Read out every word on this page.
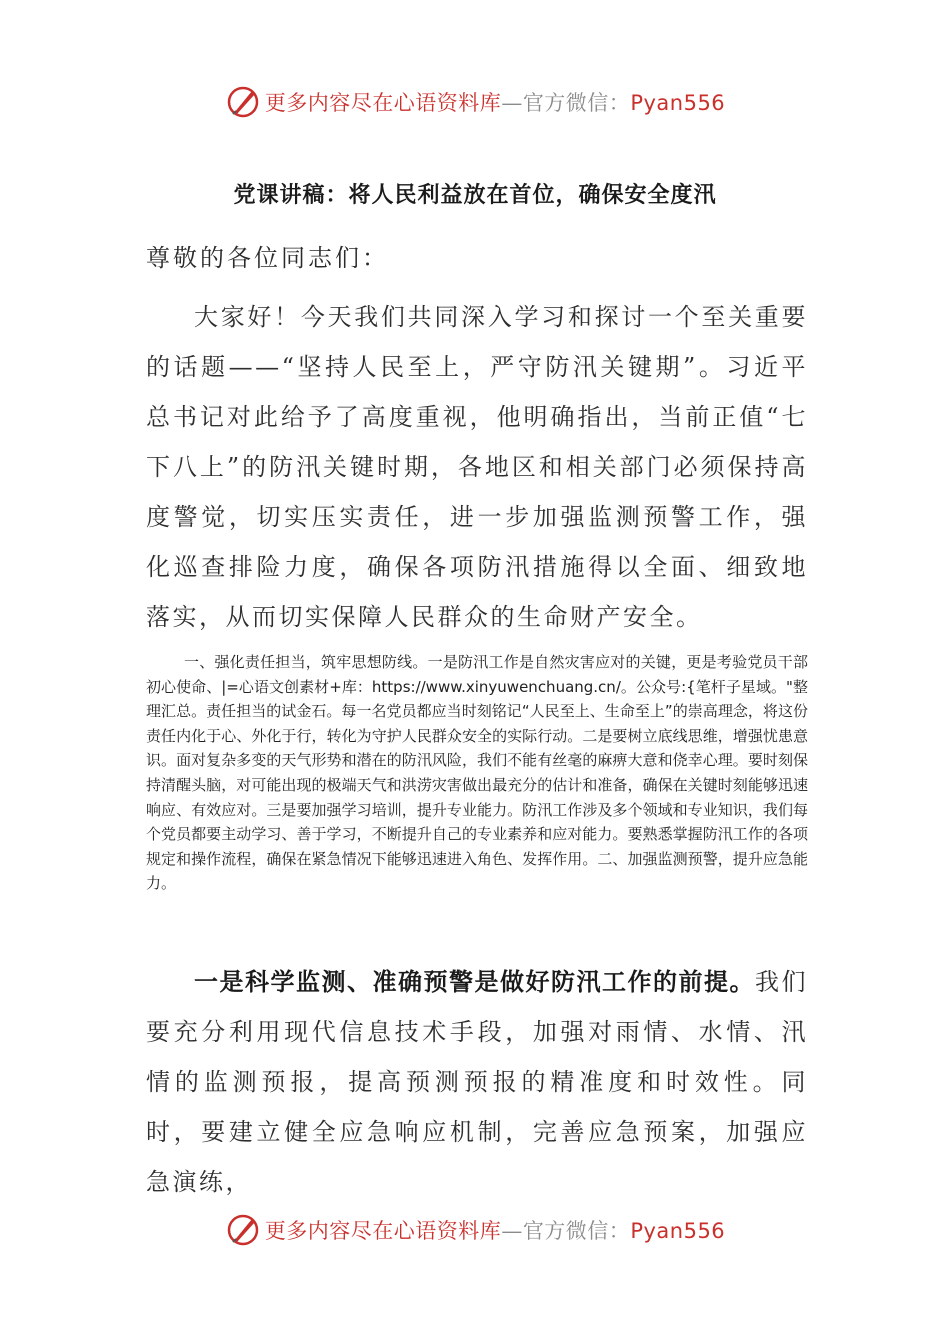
更多内容尽在心语资料库—官方微信：Pyan556
党课讲稿：将人民利益放在首位，确保安全度汛
尊敬的各位同志们：

大家好！今天我们共同深入学习和探讨一个至关重要的话题——“坚持人民至上，严守防汛关键期”。习近平总书记对此给予了高度重视，他明确指出，当前正值“七下八上”的防汛关键时期，各地区和相关部门必须保持高度警觉，切实压实责任，进一步加强监测预警工作，强化巡查排险力度，确保各项防汛措施得以全面、细致地落实，从而切实保障人民群众的生命财产安全。

一、强化责任担当，筑牢思想防线。一是防汛工作是自然灾害应对的关键，更是考验党员干部初心使命、|=心语文创素材+库：https://www.xinyuwenchuang.cn/。公众号:{笔杆子星域。"整理汇总。责任担当的试金石。每一名党员都应当时刻铭记“人民至上、生命至上”的崇高理念，将这份责任内化于心、外化于行，转化为守护人民群众安全的实际行动。二是要树立底线思维，增强忧患意识。面对复杂多变的天气形势和潜在的防汛风险，我们不能有丝毫的麻痹大意和侥幸心理。要时刻保持清醒头脑，对可能出现的极端天气和洪涝灾害做出最充分的估计和准备，确保在关键时刻能够迅速响应、有效应对。三是要加强学习培训，提升专业能力。防汛工作涉及多个领域和专业知识，我们每个党员都要主动学习、善于学习，不断提升自己的专业素养和应对能力。要熟悉掌握防汛工作的各项规定和操作流程，确保在紧急情况下能够迅速进入角色、发挥作用。二、加强监测预警，提升应急能力。

一是科学监测、准确预警是做好防汛工作的前提。我们要充分利用现代信息技术手段，加强对雨情、水情、汛情的监测预报，提高预测预报的精准度和时效性。同时，要建立健全应急响应机制，完善应急预案，加强应急演练，

更多内容尽在心语资料库—官方微信：Pyan556
